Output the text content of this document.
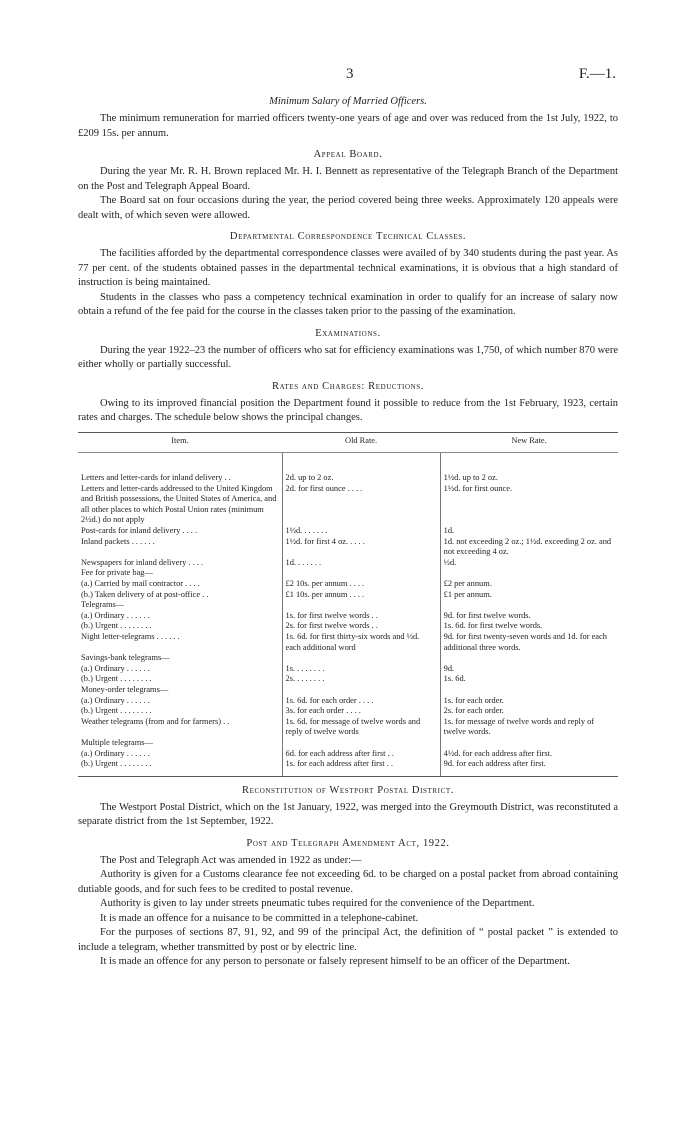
3	F.—1.
Minimum Salary of Married Officers.

The minimum remuneration for married officers twenty-one years of age and over was reduced from the 1st July, 1922, to £209 15s. per annum.

Appeal Board.

During the year Mr. R. H. Brown replaced Mr. H. I. Bennett as representative of the Telegraph Branch of the Department on the Post and Telegraph Appeal Board.

The Board sat on four occasions during the year, the period covered being three weeks. Approximately 120 appeals were dealt with, of which seven were allowed.

Departmental Correspondence Technical Classes.

The facilities afforded by the departmental correspondence classes were availed of by 340 students during the past year. As 77 per cent. of the students obtained passes in the departmental technical examinations, it is obvious that a high standard of instruction is being maintained.

Students in the classes who pass a competency technical examination in order to qualify for an increase of salary now obtain a refund of the fee paid for the course in the classes taken prior to the passing of the examination.

Examinations.

During the year 1922–23 the number of officers who sat for efficiency examinations was 1,750, of which number 870 were either wholly or partially successful.

Rates and Charges: Reductions.

Owing to its improved financial position the Department found it possible to reduce from the 1st February, 1923, certain rates and charges. The schedule below shows the principal changes.

Item.	Old Rate.	New Rate.
Letters and letter-cards for inland delivery . .	2d. up to 2 oz.	1½d. up to 2 oz.
Letters and letter-cards addressed to the United Kingdom and British possessions, the United States of America, and all other places to which Postal Union rates (minimum 2½d.) do not apply	2d. for first ounce . . . .	1½d. for first ounce.
Post-cards for inland delivery . . . .	1½d. . . . . . .	1d.
Inland packets . . . . . .	1½d. for first 4 oz. . . . .	1d. not exceeding 2 oz.; 1½d. exceeding 2 oz. and not exceeding 4 oz.
Newspapers for inland delivery . . . .	1d. . . . . . .	½d.
Fee for private bag—		
(a.) Carried by mail contractor . . . .	£2 10s. per annum . . . .	£2 per annum.
(b.) Taken delivery of at post-office . .	£1 10s. per annum . . . .	£1 per annum.
Telegrams—		
(a.) Ordinary . . . . . .	1s. for first twelve words . .	9d. for first twelve words.
(b.) Urgent . . . . . . . .	2s. for first twelve words . .	1s. 6d. for first twelve words.
Night letter-telegrams . . . . . .	1s. 6d. for first thirty-six words and ½d. each additional word	9d. for first twenty-seven words and 1d. for each additional three words.
Savings-bank telegrams—		
(a.) Ordinary . . . . . .	1s. . . . . . . .	9d.
(b.) Urgent . . . . . . . .	2s. . . . . . . .	1s. 6d.
Money-order telegrams—		
(a.) Ordinary . . . . . .	1s. 6d. for each order . . . .	1s. for each order.
(b.) Urgent . . . . . . . .	3s. for each order . . . .	2s. for each order.
Weather telegrams (from and for farmers) . .	1s. 6d. for message of twelve words and reply of twelve words	1s. for message of twelve words and reply of twelve words.
Multiple telegrams—		
(a.) Ordinary . . . . . .	6d. for each address after first . .	4½d. for each address after first.
(b.) Urgent . . . . . . . .	1s. for each address after first . .	9d. for each address after first.
Reconstitution of Westport Postal District.

The Westport Postal District, which on the 1st January, 1922, was merged into the Greymouth District, was reconstituted a separate district from the 1st September, 1922.

Post and Telegraph Amendment Act, 1922.

The Post and Telegraph Act was amended in 1922 as under:—

Authority is given for a Customs clearance fee not exceeding 6d. to be charged on a postal packet from abroad containing dutiable goods, and for such fees to be credited to postal revenue.

Authority is given to lay under streets pneumatic tubes required for the convenience of the Department.

It is made an offence for a nuisance to be committed in a telephone-cabinet.

For the purposes of sections 87, 91, 92, and 99 of the principal Act, the definition of “ postal packet ” is extended to include a telegram, whether transmitted by post or by electric line.

It is made an offence for any person to personate or falsely represent himself to be an officer of the Department.
